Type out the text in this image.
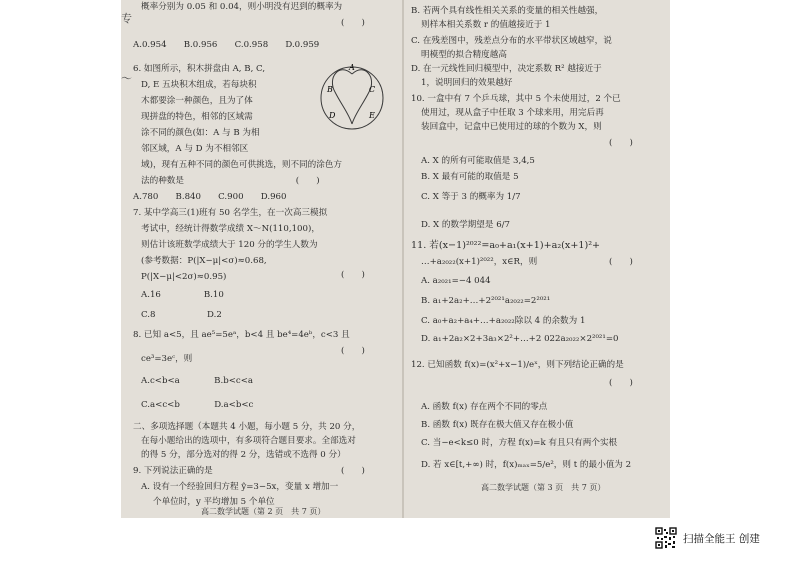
专
～
概率分别为 0.05 和 0.04，则小明没有迟到的概率为
(　　)
A.0.954　　B.0.956　　C.0.958　　D.0.959
6. 如图所示，积木拼盘由 A, B, C,
D, E 五块积木组成，若每块积
木都要涂一种颜色，且为了体
现拼盘的特色，相邻的区域需
涂不同的颜色(如：A 与 B 为相
邻区域，A 与 D 为不相邻区
域)，现有五种不同的颜色可供挑选，则不同的涂色方
法的种数是　　　　　　　　　　　　　(　　)
A.780　　B.840　　C.900　　D.960
A
B	C
D	E
7. 某中学高三(1)班有 50 名学生，在一次高三模拟
考试中，经统计得数学成绩 X～N(110,100)，
则估计该班数学成绩大于 120 分的学生人数为
(参考数据：P(|X−μ|<σ)≈0.68,
P(|X−μ|<2σ)≈0.95)	(　　)
A.16　　　　　B.10
C.8　　　　　　D.2
8. 已知 a<5，且 ae⁵=5eᵃ，b<4 且 be⁴=4eᵇ，c<3 且
(　　)
ce³=3eᶜ，则
A.c<b<a　　　　B.b<c<a
C.a<c<b　　　　D.a<b<c
二、多项选择题（本题共 4 小题，每小题 5 分，共 20 分，
在每小题给出的选项中，有多项符合题目要求。全部选对
的得 5 分，部分选对的得 2 分，选错或不选得 0 分）
9. 下列说法正确的是	(　　)
A. 设有一个经验回归方程 ŷ=3−5x，变量 x 增加一
个单位时，y 平均增加 5 个单位
高二数学试题（第 2 页　共 7 页）
B. 若两个具有线性相关关系的变量的相关性越强，
则样本相关系数 r 的值越接近于 1
C. 在残差图中，残差点分布的水平带状区域越窄，说
明模型的拟合精度越高
D. 在一元线性回归模型中，决定系数 R² 越接近于
1，说明回归的效果越好
10. 一盒中有 7 个乒乓球，其中 5 个未使用过，2 个已
使用过，现从盒子中任取 3 个球来用，用完后再
装回盒中，记盒中已使用过的球的个数为 X，则
(　　)
A. X 的所有可能取值是 3,4,5
B. X 最有可能的取值是 5
C. X 等于 3 的概率为 1/7
D. X 的数学期望是 6/7
11. 若(x−1)²⁰²²=a₀+a₁(x+1)+a₂(x+1)²+
…+a₂₀₂₂(x+1)²⁰²²，x∈R，则	(　　)
A. a₂₀₂₁=−4 044
B. a₁+2a₂+…+2²⁰²¹a₂₀₂₂=2²⁰²¹
C. a₀+a₂+a₄+…+a₂₀₂₂除以 4 的余数为 1
D. a₁+2a₂×2+3a₃×2²+…+2 022a₂₀₂₂×2²⁰²¹=0
12. 已知函数 f(x)=(x²+x−1)/eˣ，则下列结论正确的是
(　　)
A. 函数 f(x) 存在两个不同的零点
B. 函数 f(x) 既存在极大值又存在极小值
C. 当−e<k≤0 时，方程 f(x)=k 有且只有两个实根
D. 若 x∈[t,+∞) 时，f(x)ₘₐₓ=5/e²，则 t 的最小值为 2
高二数学试题（第 3 页　共 7 页）
扫描全能王 创建
